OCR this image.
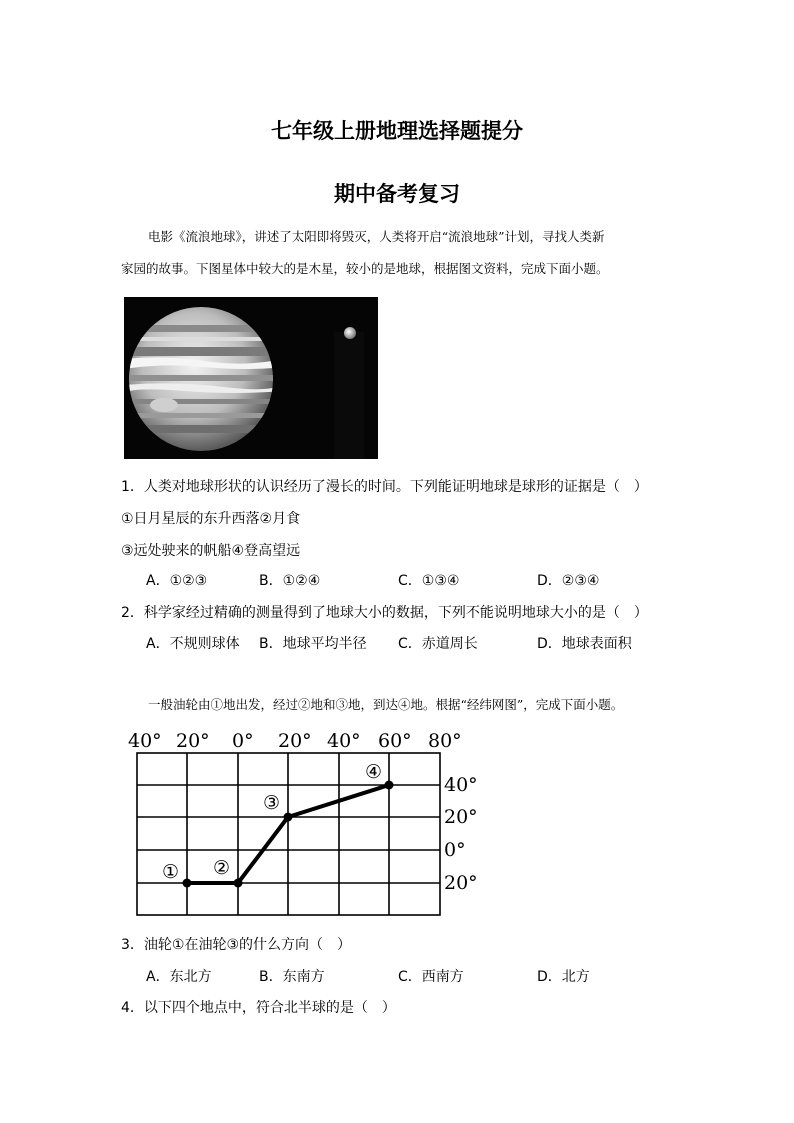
七年级上册地理选择题提分
期中备考复习
电影《流浪地球》，讲述了太阳即将毁灭，人类将开启“流浪地球”计划，寻找人类新
家园的故事。下图星体中较大的是木星，较小的是地球，根据图文资料，完成下面小题。
1．人类对地球形状的认识经历了漫长的时间。下列能证明地球是球形的证据是（　）
①日月星辰的东升西落②月食
③远处驶来的帆船④登高望远
A．①②③	B．①②④	C．①③④	D．②③④
2．科学家经过精确的测量得到了地球大小的数据，下列不能说明地球大小的是（　）
A．不规则球体 B．地球平均半径 C．赤道周长	D．地球表面积
一般油轮由①地出发，经过②地和③地，到达④地。根据“经纬网图”，完成下面小题。
40° 20° 0° 20° 40° 60° 80°
40°
20°
0°
20°
① ②
③
④
3．油轮①在油轮③的什么方向（　）
A．东北方	B．东南方	C．西南方	D．北方
4．以下四个地点中，符合北半球的是（　）
